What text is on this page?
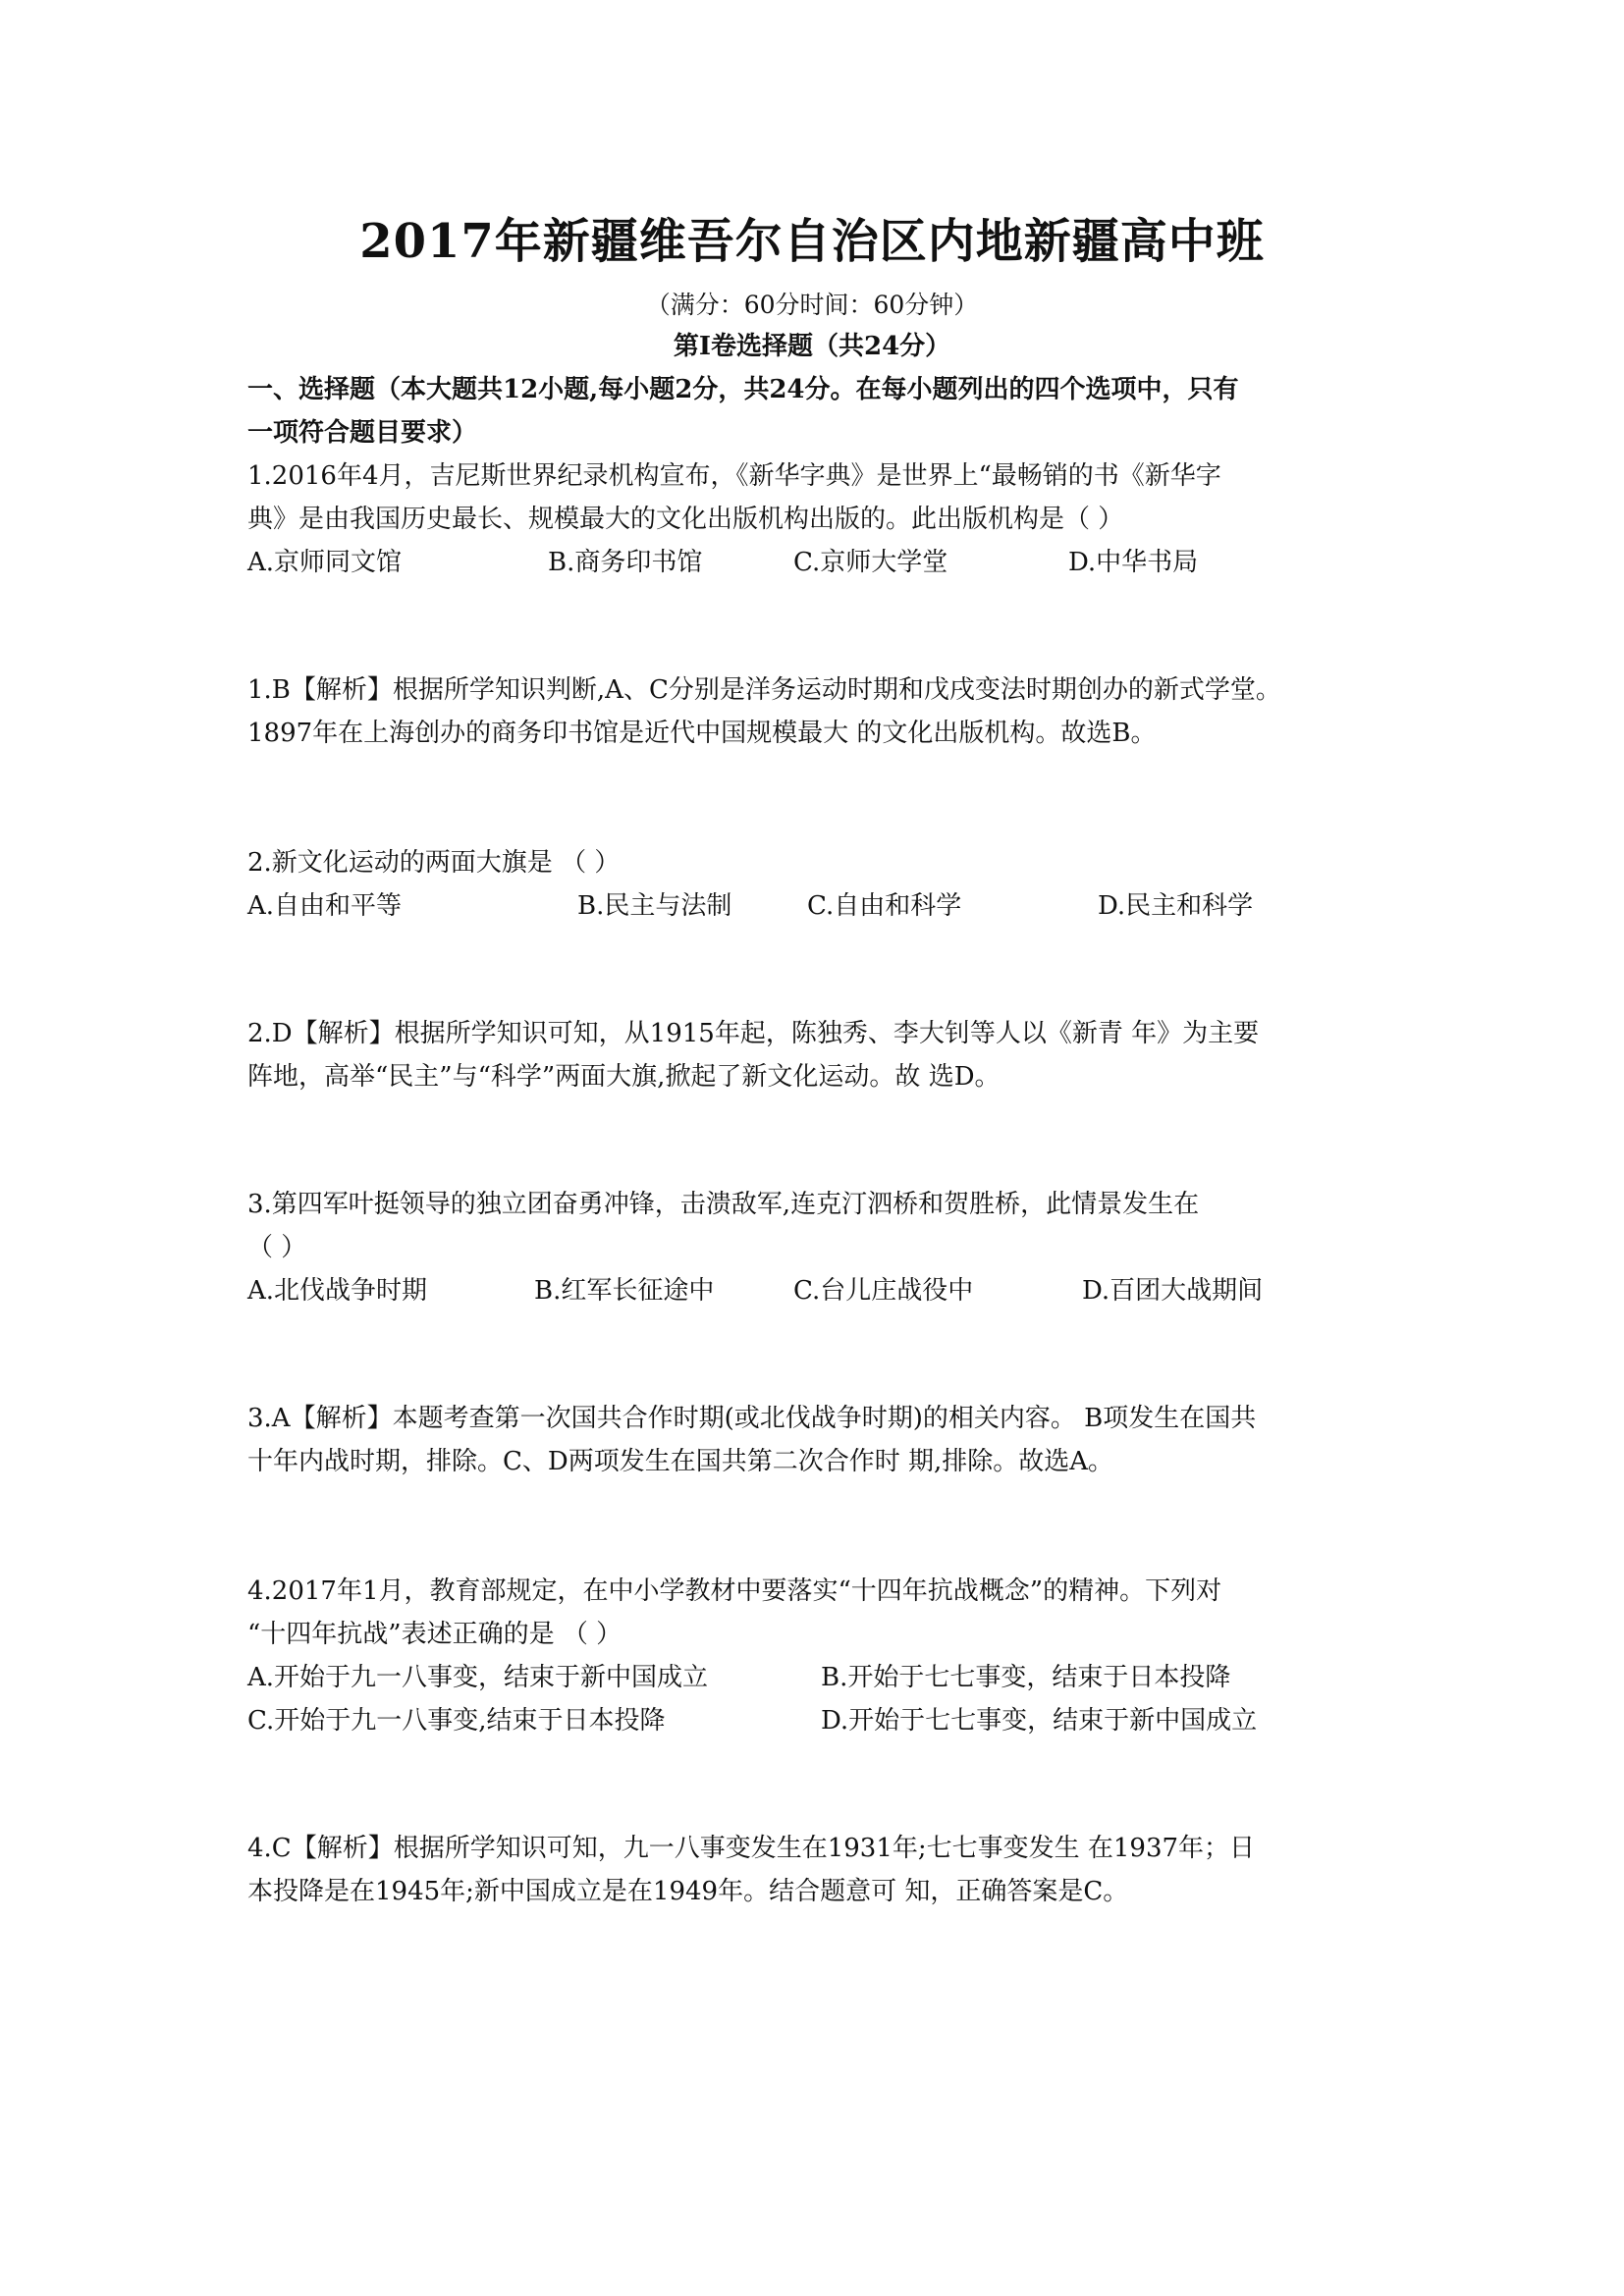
2017年新疆维吾尔自治区内地新疆高中班
（满分：60分时间：60分钟）
第Ⅰ卷选择题（共24分）
一、选择题（本大题共12小题,每小题2分，共24分。在每小题列出的四个选项中，只有
一项符合题目要求）
1.2016年4月，吉尼斯世界纪录机构宣布，《新华字典》是世界上“最畅销的书《新华字
典》是由我国历史最长、规模最大的文化出版机构出版的。此出版机构是（ ）
A.京师同文馆	B.商务印书馆	C.京师大学堂	D.中华书局
1.B【解析】根据所学知识判断,A、C分别是洋务运动时期和戊戌变法时期创办的新式学堂。
1897年在上海创办的商务印书馆是近代中国规模最大 的文化出版机构。故选B。
2.新文化运动的两面大旗是 （ ）
A.自由和平等	B.民主与法制	C.自由和科学	D.民主和科学
2.D【解析】根据所学知识可知，从1915年起，陈独秀、李大钊等人以《新青 年》为主要
阵地，高举“民主”与“科学”两面大旗,掀起了新文化运动。故 选D。
3.第四军叶挺领导的独立团奋勇冲锋，击溃敌军,连克汀泗桥和贺胜桥，此情景发生在
（ ）
A.北伐战争时期	B.红军长征途中	C.台儿庄战役中	D.百团大战期间
3.A【解析】本题考查第一次国共合作时期(或北伐战争时期)的相关内容。 B项发生在国共
十年内战时期，排除。C、D两项发生在国共第二次合作时 期,排除。故选A。
4.2017年1月，教育部规定，在中小学教材中要落实“十四年抗战概念”的精神。下列对
“十四年抗战”表述正确的是 （ ）
A.开始于九一八事变，结束于新中国成立	B.开始于七七事变，结束于日本投降
C.开始于九一八事变,结束于日本投降	D.开始于七七事变，结束于新中国成立
4.C【解析】根据所学知识可知，九一八事变发生在1931年;七七事变发生 在1937年；日
本投降是在1945年;新中国成立是在1949年。结合题意可 知，正确答案是C。
